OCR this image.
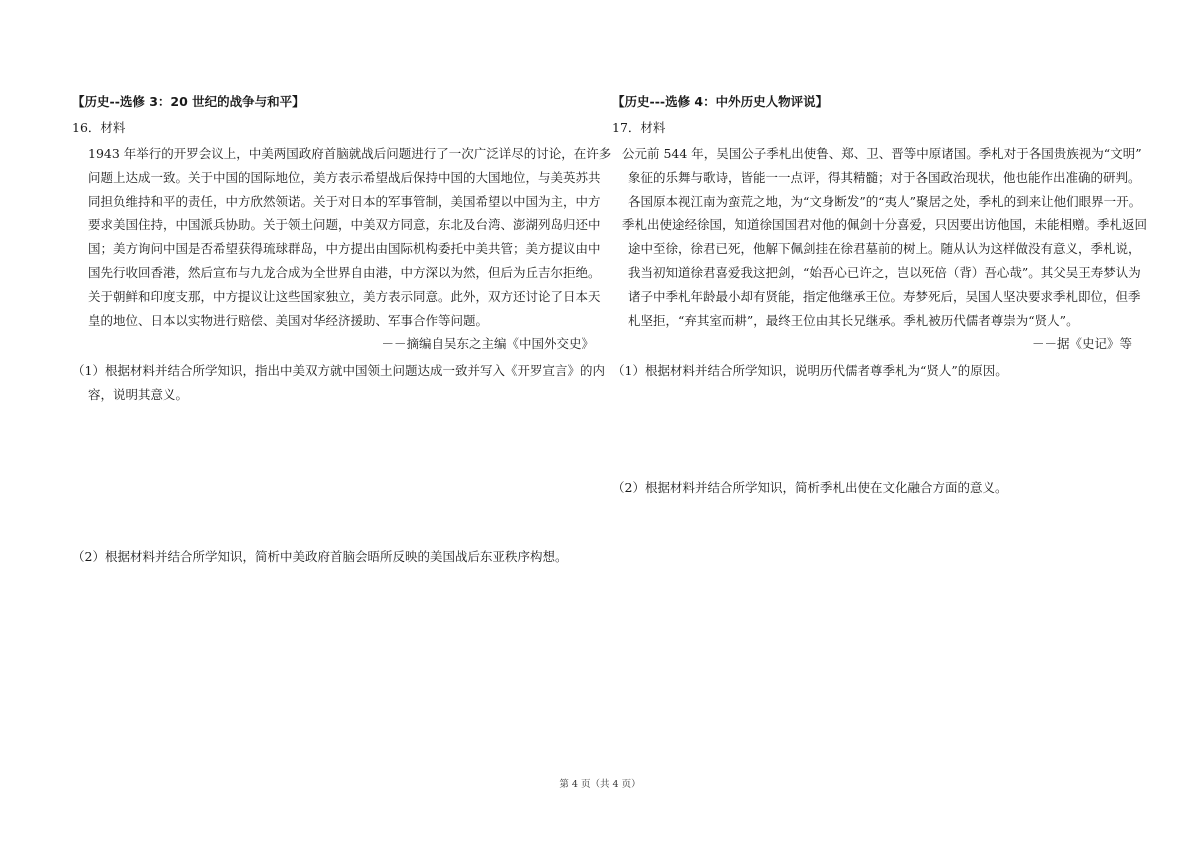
【历史--选修 3：20 世纪的战争与和平】
16．材料
1943 年举行的开罗会议上，中美两国政府首脑就战后问题进行了一次广泛详尽的讨论，在许多
问题上达成一致。关于中国的国际地位，美方表示希望战后保持中国的大国地位，与美英苏共
同担负维持和平的责任，中方欣然领诺。关于对日本的军事管制，美国希望以中国为主，中方
要求美国住持，中国派兵协助。关于领土问题，中美双方同意，东北及台湾、澎湖列岛归还中
国；美方询问中国是否希望获得琉球群岛，中方提出由国际机构委托中美共管；美方提议由中
国先行收回香港，然后宣布与九龙合成为全世界自由港，中方深以为然，但后为丘吉尔拒绝。
关于朝鲜和印度支那，中方提议让这些国家独立，美方表示同意。此外，双方还讨论了日本天
皇的地位、日本以实物进行赔偿、美国对华经济援助、军事合作等问题。
－－摘编自吴东之主编《中国外交史》
（1）根据材料并结合所学知识，指出中美双方就中国领土问题达成一致并写入《开罗宣言》的内
容，说明其意义。
（2）根据材料并结合所学知识，简析中美政府首脑会晤所反映的美国战后东亚秩序构想。
【历史---选修 4：中外历史人物评说】
17．材料
公元前 544 年，吴国公子季札出使鲁、郑、卫、晋等中原诸国。季札对于各国贵族视为“文明”
象征的乐舞与歌诗，皆能一一点评，得其精髓；对于各国政治现状，他也能作出准确的研判。
各国原本视江南为蛮荒之地，为“文身断发”的“夷人”聚居之处，季札的到来让他们眼界一开。
季札出使途经徐国，知道徐国国君对他的佩剑十分喜爱，只因要出访他国，未能相赠。季札返回
途中至徐，徐君已死，他解下佩剑挂在徐君墓前的树上。随从认为这样做没有意义，季札说，
我当初知道徐君喜爱我这把剑，“始吾心已许之，岂以死倍（背）吾心哉”。其父吴王寿梦认为
诸子中季札年龄最小却有贤能，指定他继承王位。寿梦死后，吴国人坚决要求季札即位，但季
札坚拒，“弃其室而耕”，最终王位由其长兄继承。季札被历代儒者尊崇为“贤人”。
－－据《史记》等
（1）根据材料并结合所学知识，说明历代儒者尊季札为“贤人”的原因。
（2）根据材料并结合所学知识，简析季札出使在文化融合方面的意义。
第 4 页（共 4 页）
